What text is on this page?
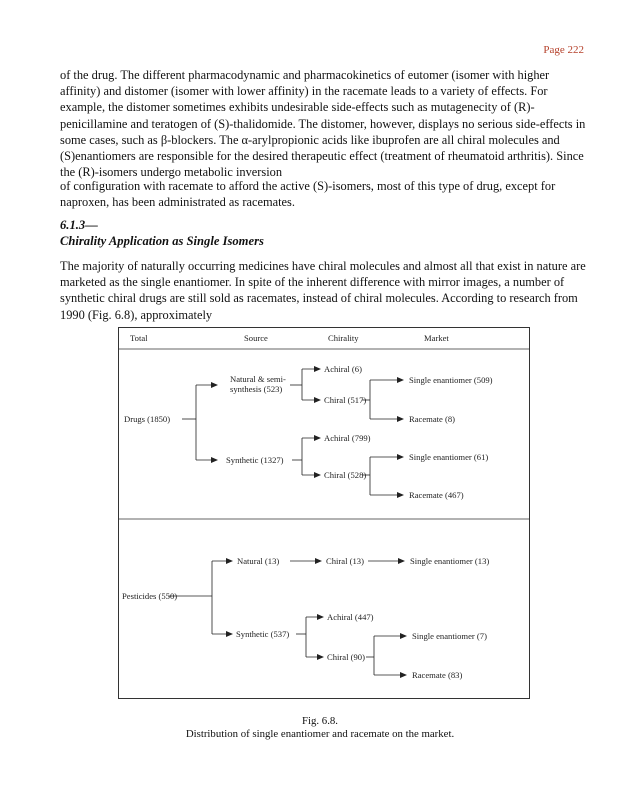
Page 222

of the drug. The different pharmacodynamic and pharmacokinetics of eutomer (isomer with higher affinity) and distomer (isomer with lower affinity) in the racemate leads to a variety of effects. For example, the distomer sometimes exhibits undesirable side-effects such as mutagenecity of (R)-penicillamine and teratogen of (S)-thalidomide. The distomer, however, displays no serious side-effects in some cases, such as β-blockers. The α-arylpropionic acids like ibuprofen are all chiral molecules and (S)enantiomers are responsible for the desired therapeutic effect (treatment of rheumatoid arthritis). Since the (R)-isomers undergo metabolic inversion

of configuration with racemate to afford the active (S)-isomers, most of this type of drug, except for naproxen, has been administrated as racemates.

6.1.3—
Chirality Application as Single Isomers

The majority of naturally occurring medicines have chiral molecules and almost all that exist in nature are marketed as the single enantiomer. In spite of the inherent difference with mirror images, a number of synthetic chiral drugs are still sold as racemates, instead of chiral molecules. According to research from 1990 (Fig. 6.8), approximately

Total	Source	Chirality	Market
Drugs (1850)
Natural & semi-
synthesis (523)
Achiral (6)
Chiral (517)
Single enantiomer (509)
Racemate (8)
Synthetic (1327)
Achiral (799)
Chiral (528)
Single enantiomer (61)
Racemate (467)
Pesticides (550)
Natural (13)	Chiral (13)	Single enantiomer (13)
Synthetic (537)
Achiral (447)
Chiral (90)
Single enantiomer (7)
Racemate (83)
Fig. 6.8.
Distribution of single enantiomer and racemate on the market.
